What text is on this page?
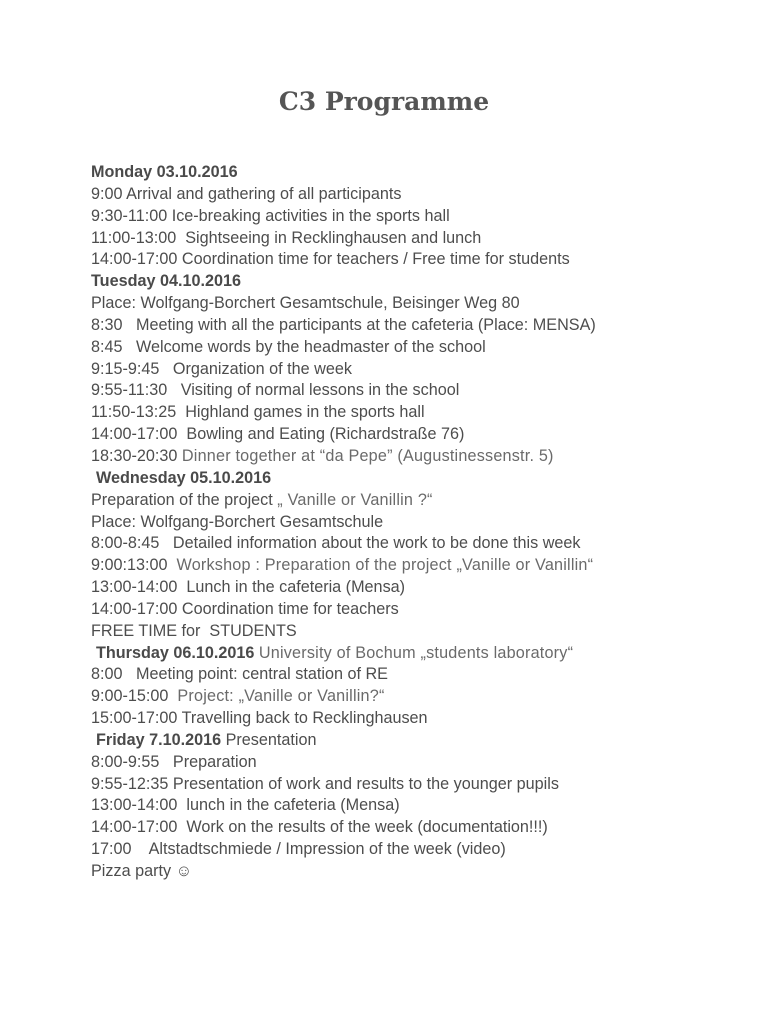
C3 Programme
Monday 03.10.2016
9:00 Arrival and gathering of all participants
9:30-11:00 Ice-breaking activities in the sports hall
11:00-13:00  Sightseeing in Recklinghausen and lunch
14:00-17:00 Coordination time for teachers / Free time for students
Tuesday 04.10.2016
Place: Wolfgang-Borchert Gesamtschule, Beisinger Weg 80
8:30   Meeting with all the participants at the cafeteria (Place: MENSA)
8:45   Welcome words by the headmaster of the school
9:15-9:45   Organization of the week
9:55-11:30   Visiting of normal lessons in the school
11:50-13:25  Highland games in the sports hall
14:00-17:00  Bowling and Eating (Richardstraße 76)
18:30-20:30 Dinner together at “da Pepe” (Augustinessenstr. 5)
Wednesday 05.10.2016
Preparation of the project „ Vanille or Vanillin ?“
Place: Wolfgang-Borchert Gesamtschule
8:00-8:45   Detailed information about the work to be done this week
9:00:13:00  Workshop : Preparation of the project „Vanille or Vanillin“
13:00-14:00  Lunch in the cafeteria (Mensa)
14:00-17:00 Coordination time for teachers
FREE TIME for  STUDENTS
Thursday 06.10.2016 University of Bochum „students laboratory“
8:00   Meeting point: central station of RE
9:00-15:00  Project: „Vanille or Vanillin?“
15:00-17:00 Travelling back to Recklinghausen
Friday 7.10.2016 Presentation
8:00-9:55   Preparation
9:55-12:35 Presentation of work and results to the younger pupils
13:00-14:00  lunch in the cafeteria (Mensa)
14:00-17:00  Work on the results of the week (documentation!!!)
17:00    Altstadtschmiede / Impression of the week (video)
Pizza party ☺
